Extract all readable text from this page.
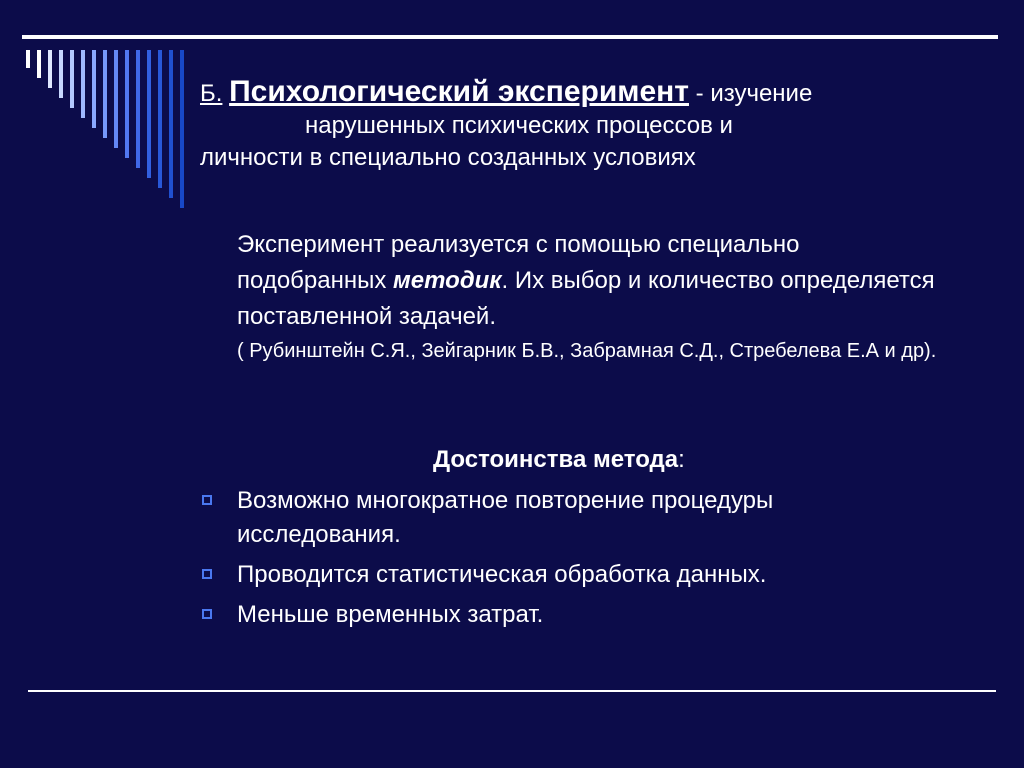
Б. Психологический эксперимент - изучение
нарушенных психических процессов и
личности в специально созданных условиях
Эксперимент реализуется с помощью специально подобранных методик. Их выбор и количество определяется поставленной задачей.
( Рубинштейн С.Я., Зейгарник Б.В., Забрамная С.Д., Стребелева Е.А и др).
Достоинства метода:
Возможно многократное повторение процедуры исследования.
Проводится статистическая обработка данных.
Меньше временных затрат.
